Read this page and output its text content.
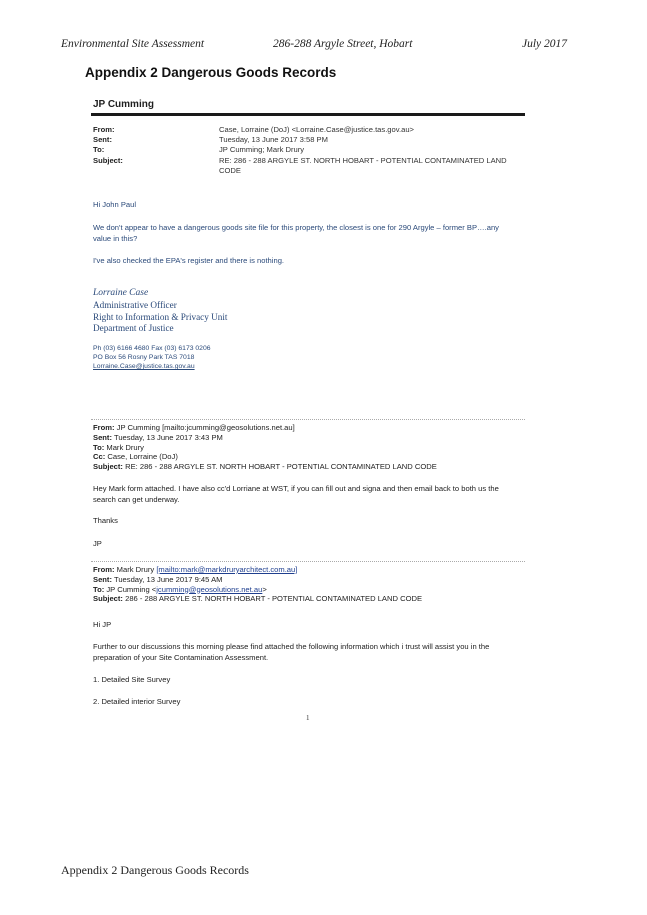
Environmental Site Assessment	286-288 Argyle Street, Hobart	July 2017
Appendix 2 Dangerous Goods Records
JP Cumming
From:	Case, Lorraine (DoJ) <Lorraine.Case@justice.tas.gov.au>
Sent:	Tuesday, 13 June 2017 3:58 PM
To:	JP Cumming; Mark Drury
Subject:	RE: 286 - 288 ARGYLE ST. NORTH HOBART - POTENTIAL CONTAMINATED LAND CODE
Hi John Paul
We don't appear to have a dangerous goods site file for this property, the closest is one for 290 Argyle – former BP….any value in this?
I've also checked the EPA's register and there is nothing.
Lorraine Case
Administrative Officer
Right to Information & Privacy Unit
Department of Justice
Ph (03) 6166 4680 Fax (03) 6173 0206
PO Box 56 Rosny Park TAS 7018
Lorraine.Case@justice.tas.gov.au
From: JP Cumming [mailto:jcumming@geosolutions.net.au]
Sent: Tuesday, 13 June 2017 3:43 PM
To: Mark Drury
Cc: Case, Lorraine (DoJ)
Subject: RE: 286 - 288 ARGYLE ST. NORTH HOBART - POTENTIAL CONTAMINATED LAND CODE
Hey Mark form attached. I have also cc'd Lorriane at WST, if you can fill out and signa and then email back to both us the search can get underway.
Thanks
JP
From: Mark Drury [mailto:mark@markdruryarchitect.com.au]
Sent: Tuesday, 13 June 2017 9:45 AM
To: JP Cumming <jcumming@geosolutions.net.au>
Subject: 286 - 288 ARGYLE ST. NORTH HOBART - POTENTIAL CONTAMINATED LAND CODE
Hi JP
Further to our discussions this morning please find attached the following information which i trust will assist you in the preparation of your Site Contamination Assessment.
1. Detailed Site Survey
2. Detailed interior Survey
1
Appendix 2 Dangerous Goods Records
